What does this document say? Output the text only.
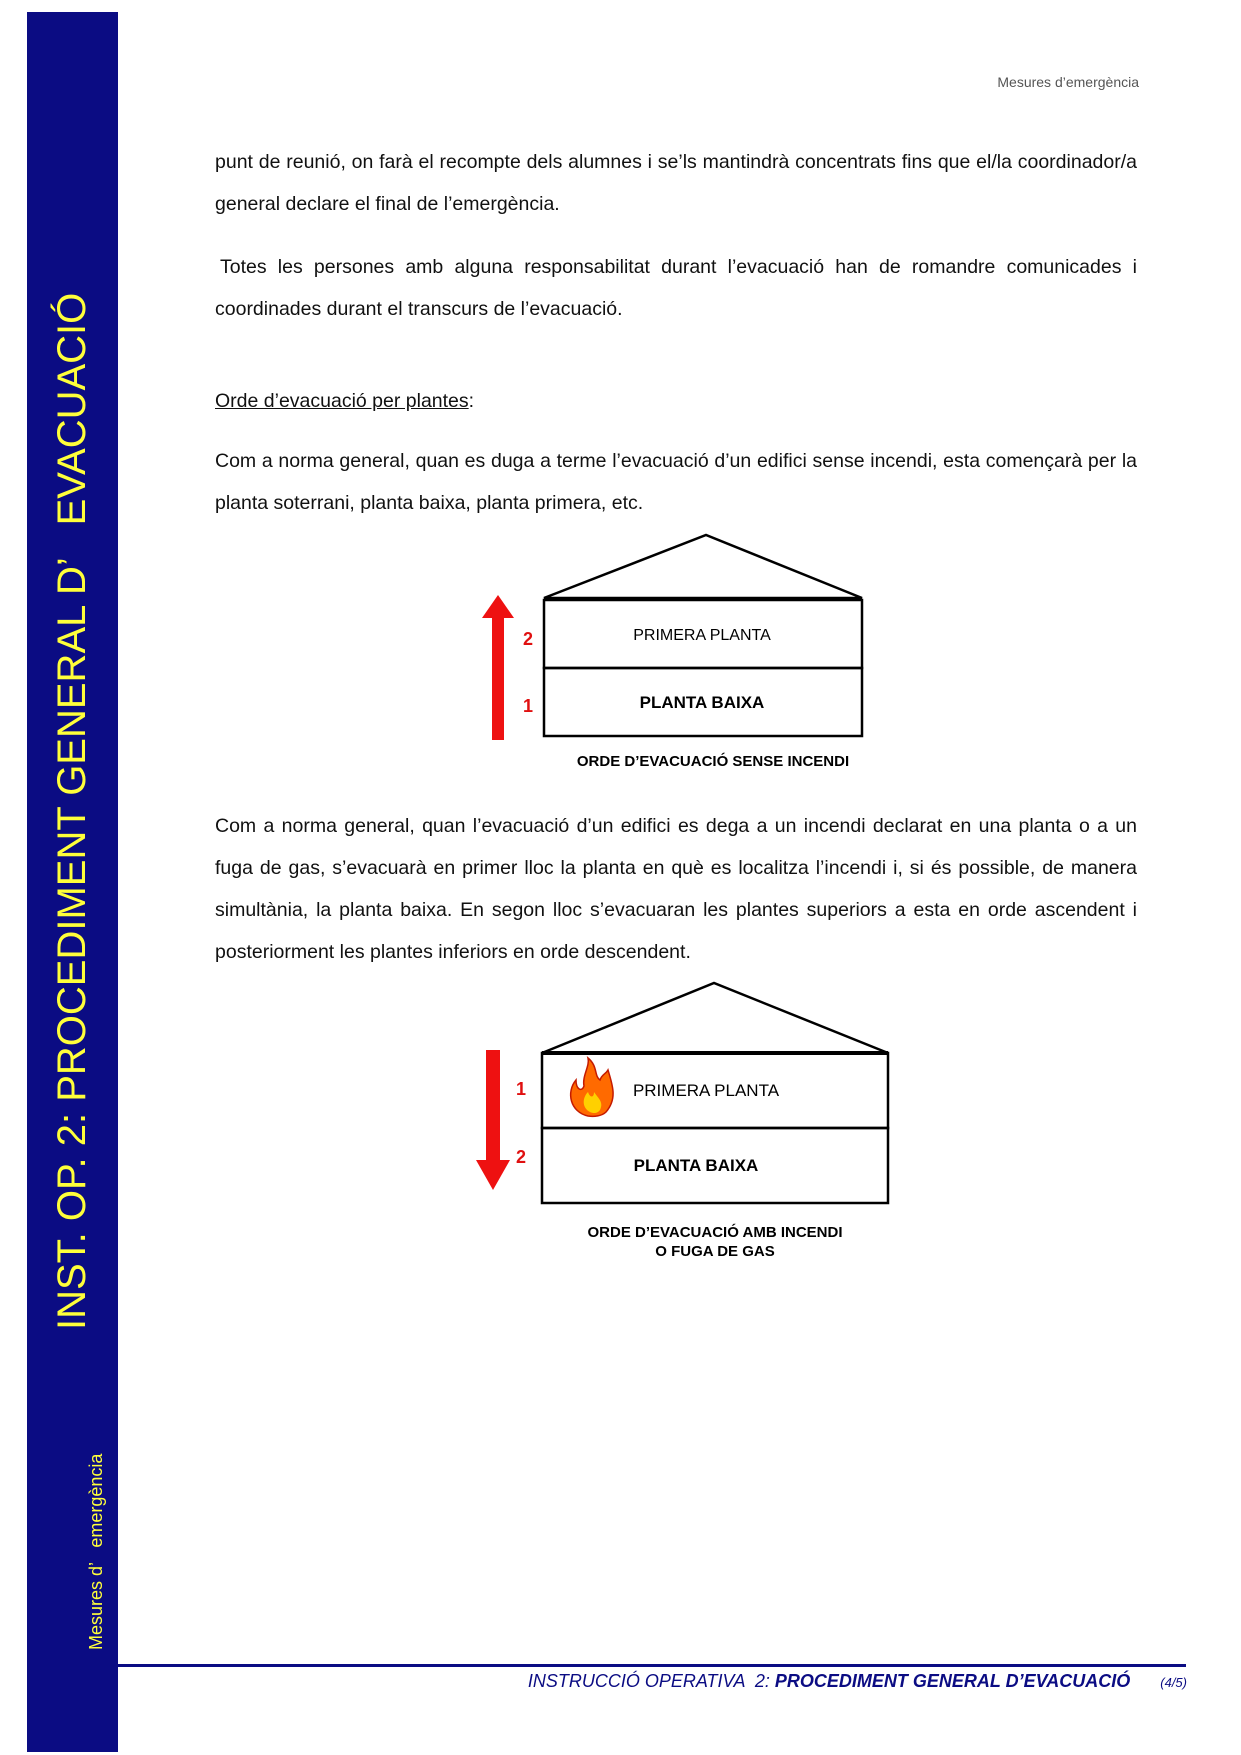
INST. OP. 2: PROCEDIMENT GENERAL D’   EVACUACIÓ
Mesures d’   emergència
Mesures d’emergència

punt de reunió, on farà el recompte dels alumnes i se’ls mantindrà concentrats fins que el/la coordinador/a general declare el final de l’emergència.

Totes les persones amb alguna responsabilitat durant l’evacuació han de romandre comunicades i coordinades durant el transcurs de l’evacuació.

Orde d’evacuació per plantes:

Com a norma general, quan es duga a terme l’evacuació d’un edifici sense incendi, esta començarà per la planta soterrani, planta baixa, planta primera, etc.

PRIMERA PLANTA
PLANTA BAIXA
2
1
ORDE D’EVACUACIÓ SENSE INCENDI

Com a norma general, quan l’evacuació d’un edifici es dega a un incendi declarat en una planta o a un fuga de gas, s’evacuarà en primer lloc la planta en què es localitza l’incendi i, si és possible, de manera simultània, la planta baixa. En segon lloc s’evacuaran les plantes superiors a esta en orde ascendent i posteriorment les plantes inferiors en orde descendent.

PRIMERA PLANTA
PLANTA BAIXA
1
2
ORDE D’EVACUACIÓ AMB INCENDI
O FUGA DE GAS
INSTRUCCIÓ OPERATIVA  2: PROCEDIMENT GENERAL D’EVACUACIÓ (4/5)
